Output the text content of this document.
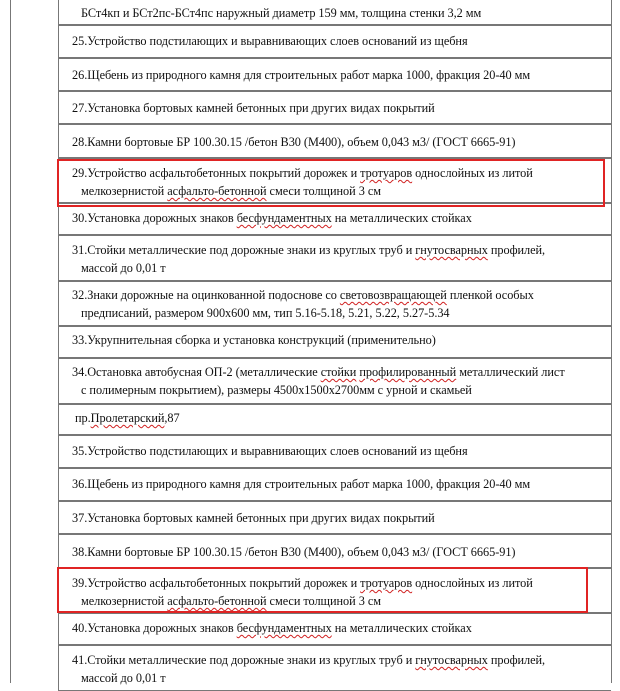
БСт4кп и БСт2пс-БСт4пс наружный диаметр 159 мм, толщина стенки 3,2 мм
25.Устройство подстилающих и выравнивающих слоев оснований из щебня
26.Щебень из природного камня для строительных работ марка 1000, фракция 20-40 мм
27.Установка бортовых камней бетонных при других видах покрытий
28.Камни бортовые БР 100.30.15 /бетон В30 (М400), объем 0,043 м3/ (ГОСТ 6665-91)
29.Устройство асфальтобетонных покрытий дорожек и тротуаров однослойных из литой
мелкозернистой асфальто-бетонной смеси толщиной 3 см
30.Установка дорожных знаков бесфундаментных на металлических стойках
31.Стойки металлические под дорожные знаки из круглых труб и гнутосварных профилей,
массой до 0,01 т
32.Знаки дорожные на оцинкованной подоснове со световозвращающей пленкой особых
предписаний, размером 900х600 мм, тип 5.16-5.18, 5.21, 5.22, 5.27-5.34
33.Укрупнительная сборка и установка конструкций (применительно)
34.Остановка автобусная ОП-2 (металлические стойки профилированный металлический лист
с полимерным покрытием), размеры 4500х1500х2700мм с урной и скамьей
пр.Пролетарский,87
35.Устройство подстилающих и выравнивающих слоев оснований из щебня
36.Щебень из природного камня для строительных работ марка 1000, фракция 20-40 мм
37.Установка бортовых камней бетонных при других видах покрытий
38.Камни бортовые БР 100.30.15 /бетон В30 (М400), объем 0,043 м3/ (ГОСТ 6665-91)
39.Устройство асфальтобетонных покрытий дорожек и тротуаров однослойных из литой
мелкозернистой асфальто-бетонной смеси толщиной 3 см
40.Установка дорожных знаков бесфундаментных на металлических стойках
41.Стойки металлические под дорожные знаки из круглых труб и гнутосварных профилей,
массой до 0,01 т
